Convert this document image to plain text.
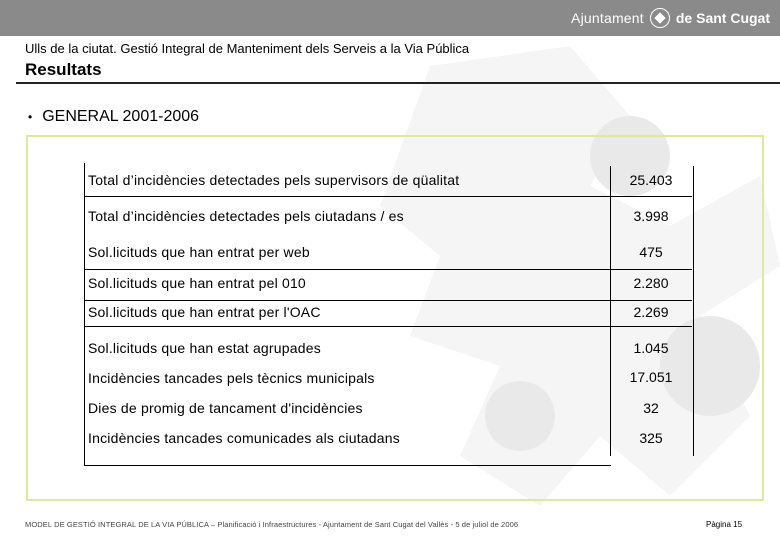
Ajuntament de Sant Cugat
Ulls de la ciutat. Gestió Integral de Manteniment dels Serveis a la Via Pública
Resultats
• GENERAL 2001-2006
Total d’incidències detectades pels supervisors de qüalitat	25.403
Total d’incidències detectades pels ciutadans / es	3.998
Sol.licituds que han entrat per web	475
Sol.licituds que han entrat pel 010	2.280
Sol.licituds que han entrat per l'OAC	2.269
Sol.licituds que han estat agrupades	1.045
Incidències tancades pels tècnics municipals	17.051
Dies de promig de tancament d'incidències	32
Incidències tancades comunicades als ciutadans	325
MODEL DE GESTIÓ INTEGRAL DE LA VIA PÚBLICA – Planificació i Infraestructures - Ajuntament de Sant Cugat del Vallès - 5 de juliol de 2006	Pàgina 15
